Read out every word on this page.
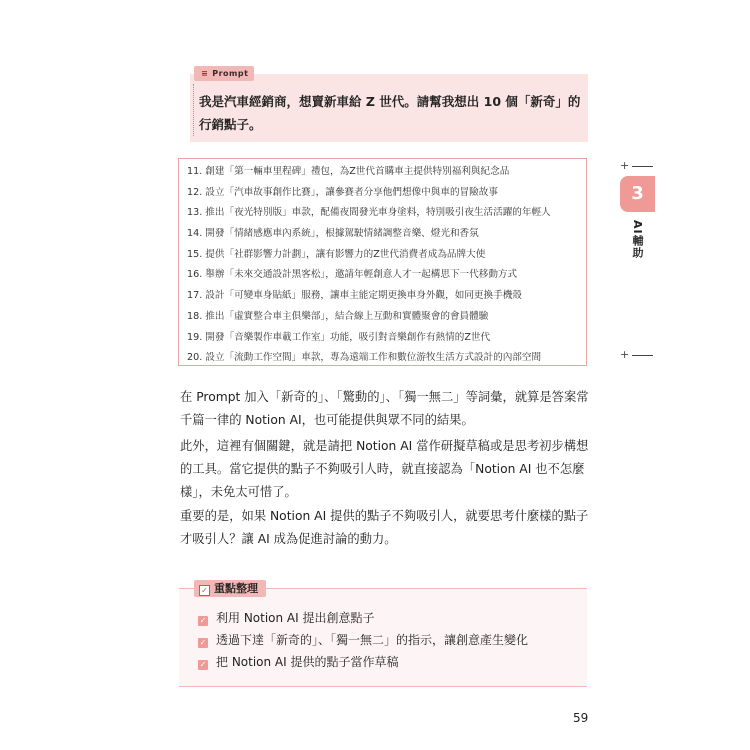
≡ Prompt
我是汽車經銷商，想賣新車給 Z 世代。請幫我想出 10 個「新奇」的行銷點子。
11. 創建「第一輛車里程碑」禮包，為Z世代首購車主提供特別福利與紀念品
12. 設立「汽車故事創作比賽」，讓參賽者分享他們想像中與車的冒險故事
13. 推出「夜光特別版」車款，配備夜間發光車身塗料，特別吸引夜生活活躍的年輕人
14. 開發「情緒感應車內系統」，根據駕駛情緒調整音樂、燈光和香氛
15. 提供「社群影響力計劃」，讓有影響力的Z世代消費者成為品牌大使
16. 舉辦「未來交通設計黑客松」，邀請年輕創意人才一起構思下一代移動方式
17. 設計「可變車身貼紙」服務，讓車主能定期更換車身外觀，如同更換手機殼
18. 推出「虛實整合車主俱樂部」，結合線上互動和實體聚會的會員體驗
19. 開發「音樂製作車載工作室」功能，吸引對音樂創作有熱情的Z世代
20. 設立「流動工作空間」車款，專為遠端工作和數位游牧生活方式設計的內部空間
+
3
AI輔助
+
在 Prompt 加入「新奇的」、「驚動的」、「獨一無二」等詞彙，就算是答案常千篇一律的 Notion AI，也可能提供與眾不同的結果。
此外，這裡有個關鍵，就是請把 Notion AI 當作研擬草稿或是思考初步構想的工具。當它提供的點子不夠吸引人時，就直接認為「Notion AI 也不怎麼樣」，未免太可惜了。
重要的是，如果 Notion AI 提供的點子不夠吸引人，就要思考什麼樣的點子才吸引人？讓 AI 成為促進討論的動力。
✓ 重點整理
✓ 利用 Notion AI 提出創意點子
✓ 透過下達「新奇的」、「獨一無二」的指示，讓創意產生變化
✓ 把 Notion AI 提供的點子當作草稿
59
